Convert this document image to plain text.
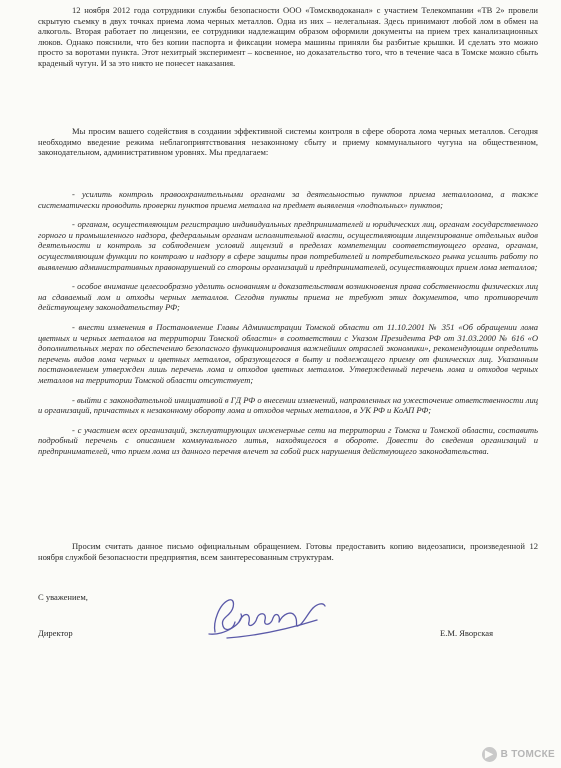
12 ноября 2012 года сотрудники службы безопасности ООО «Томскводоканал» с участием Телекомпании «ТВ 2» провели скрытую съемку в двух точках приема лома черных металлов. Одна из них – нелегальная. Здесь принимают любой лом в обмен на алкоголь. Вторая работает по лицензии, ее сотрудники надлежащим образом оформили документы на прием трех канализационных люков. Однако пояснили, что без копии паспорта и фиксации номера машины приняли бы разбитые крышки. И сделать это можно просто за воротами пункта. Этот нехитрый эксперимент – косвенное, но доказательство того, что в течение часа в Томске можно сбыть краденый чугун. И за это никто не понесет наказания.

Мы просим вашего содействия в создании эффективной системы контроля в сфере оборота лома черных металлов. Сегодня необходимо введение режима неблагоприятствования незаконному сбыту и приему коммунального чугуна на общественном, законодательном, административном уровнях. Мы предлагаем:

- усилить контроль правоохранительными органами за деятельностью пунктов приема металлолома, а также систематически проводить проверки пунктов приема металла на предмет выявления «подпольных» пунктов;

- органам, осуществляющим регистрацию индивидуальных предпринимателей и юридических лиц, органам государственного горного и промышленного надзора, федеральным органам исполнительной власти, осуществляющим лицензирование отдельных видов деятельности и контроль за соблюдением условий лицензий в пределах компетенции соответствующего органа, органам, осуществляющим функции по контролю и надзору в сфере защиты прав потребителей и потребительского рынка усилить работу по выявлению административных правонарушений со стороны организаций и предпринимателей, осуществляющих прием лома металлов;

- особое внимание целесообразно уделить основаниям и доказательствам возникновения права собственности физических лиц на сдаваемый лом и отходы черных металлов. Сегодня пункты приема не требуют этих документов, что противоречит действующему законодательству РФ;

- внести изменения в Постановление Главы Администрации Томской области от 11.10.2001 № 351 «Об обращении лома цветных и черных металлов на территории Томской области» в соответствии с Указом Президента РФ от 31.03.2000 № 616 «О дополнительных мерах по обеспечению безопасного функционирования важнейших отраслей экономики», рекомендующим определить перечень видов лома черных и цветных металлов, образующегося в быту и подлежащего приему от физических лиц. Указанным постановлением утвержден лишь перечень лома и отходов цветных металлов. Утвержденный перечень лома и отходов черных металлов на территории Томской области отсутствует;

- выйти с законодательной инициативой в ГД РФ о внесении изменений, направленных на ужесточение ответственности лиц и организаций, причастных к незаконному обороту лома и отходов черных металлов, в УК РФ и КоАП РФ;

- с участием всех организаций, эксплуатирующих инженерные сети на территории г Томска и Томской области, составить подробный перечень с описанием коммунального литья, находящегося в обороте. Довести до сведения организаций и предпринимателей, что прием лома из данного перечня влечет за собой риск нарушения действующего законодательства.

Просим считать данное письмо официальным обращением. Готовы предоставить копию видеозаписи, произведенной 12 ноября службой безопасности предприятия, всем заинтересованным структурам.

С уважением,
Директор	Е.М. Яворская
▶ В ТОМСКЕ
